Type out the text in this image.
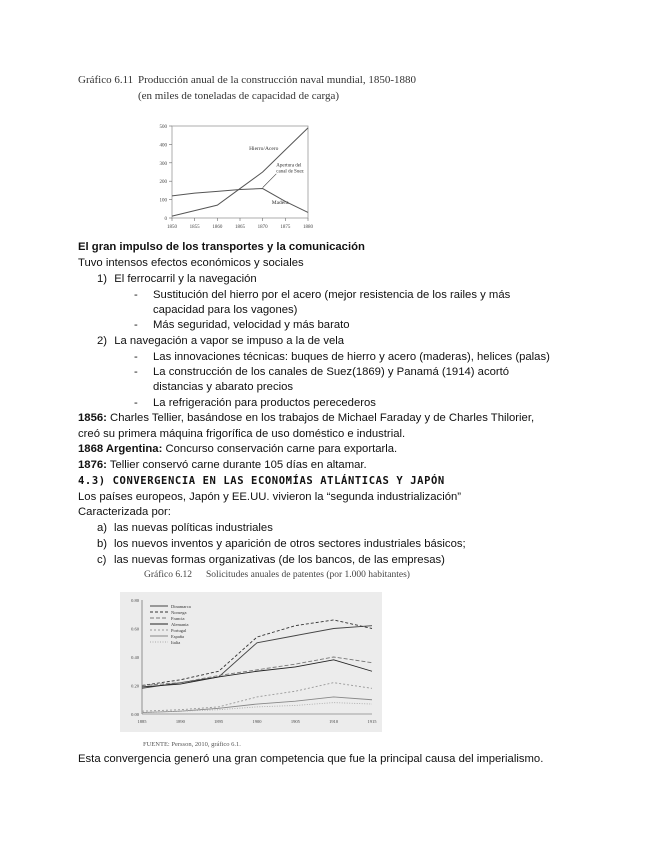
Gráfico 6.11 Producción anual de la construcción naval mundial, 1850-1880
(en miles de toneladas de capacidad de carga)
0
100
200
300
400
500
1850	1855	1860	1865	1870	1875	1880
Hierro/Acero
Apertura del canal de Suez
Madera
El gran impulso de los transportes y la comunicación
Tuvo intensos efectos económicos y sociales
1) El ferrocarril y la navegación
- Sustitución del hierro por el acero (mejor resistencia de los railes y más
capacidad para los vagones)
- Más seguridad, velocidad y más barato
2) La navegación a vapor se impuso a la de vela
- Las innovaciones técnicas: buques de hierro y acero (maderas), helices (palas)
- La construcción de los canales de Suez(1869) y Panamá (1914) acortó
distancias y abarato precios
- La refrigeración para productos perecederos
1856: Charles Tellier, basándose en los trabajos de Michael Faraday y de Charles Thilorier,
creó su primera máquina frigorífica de uso doméstico e industrial.
1868 Argentina: Concurso conservación carne para exportarla.
1876: Tellier conservó carne durante 105 días en altamar.
4.3) CONVERGENCIA EN LAS ECONOMÍAS ATLÁNTICAS Y JAPÓN
Los países europeos, Japón y EE.UU. vivieron la “segunda industrialización”
Caracterizada por:
a) las nuevas políticas industriales
b) los nuevos inventos y aparición de otros sectores industriales básicos;
c) las nuevas formas organizativas (de los bancos, de las empresas)
Gráfico 6.12 Solicitudes anuales de patentes (por 1.000 habitantes)
0.00
0.20
0.40
0.60
0.80
1885	1890	1895	1900	1905	1910	1915
Dinamarca
Noruega
Francia
Alemania
Portugal
España
Italia
FUENTE: Persson, 2010, gráfico 6.1.
Esta convergencia generó una gran competencia que fue la principal causa del imperialismo.
